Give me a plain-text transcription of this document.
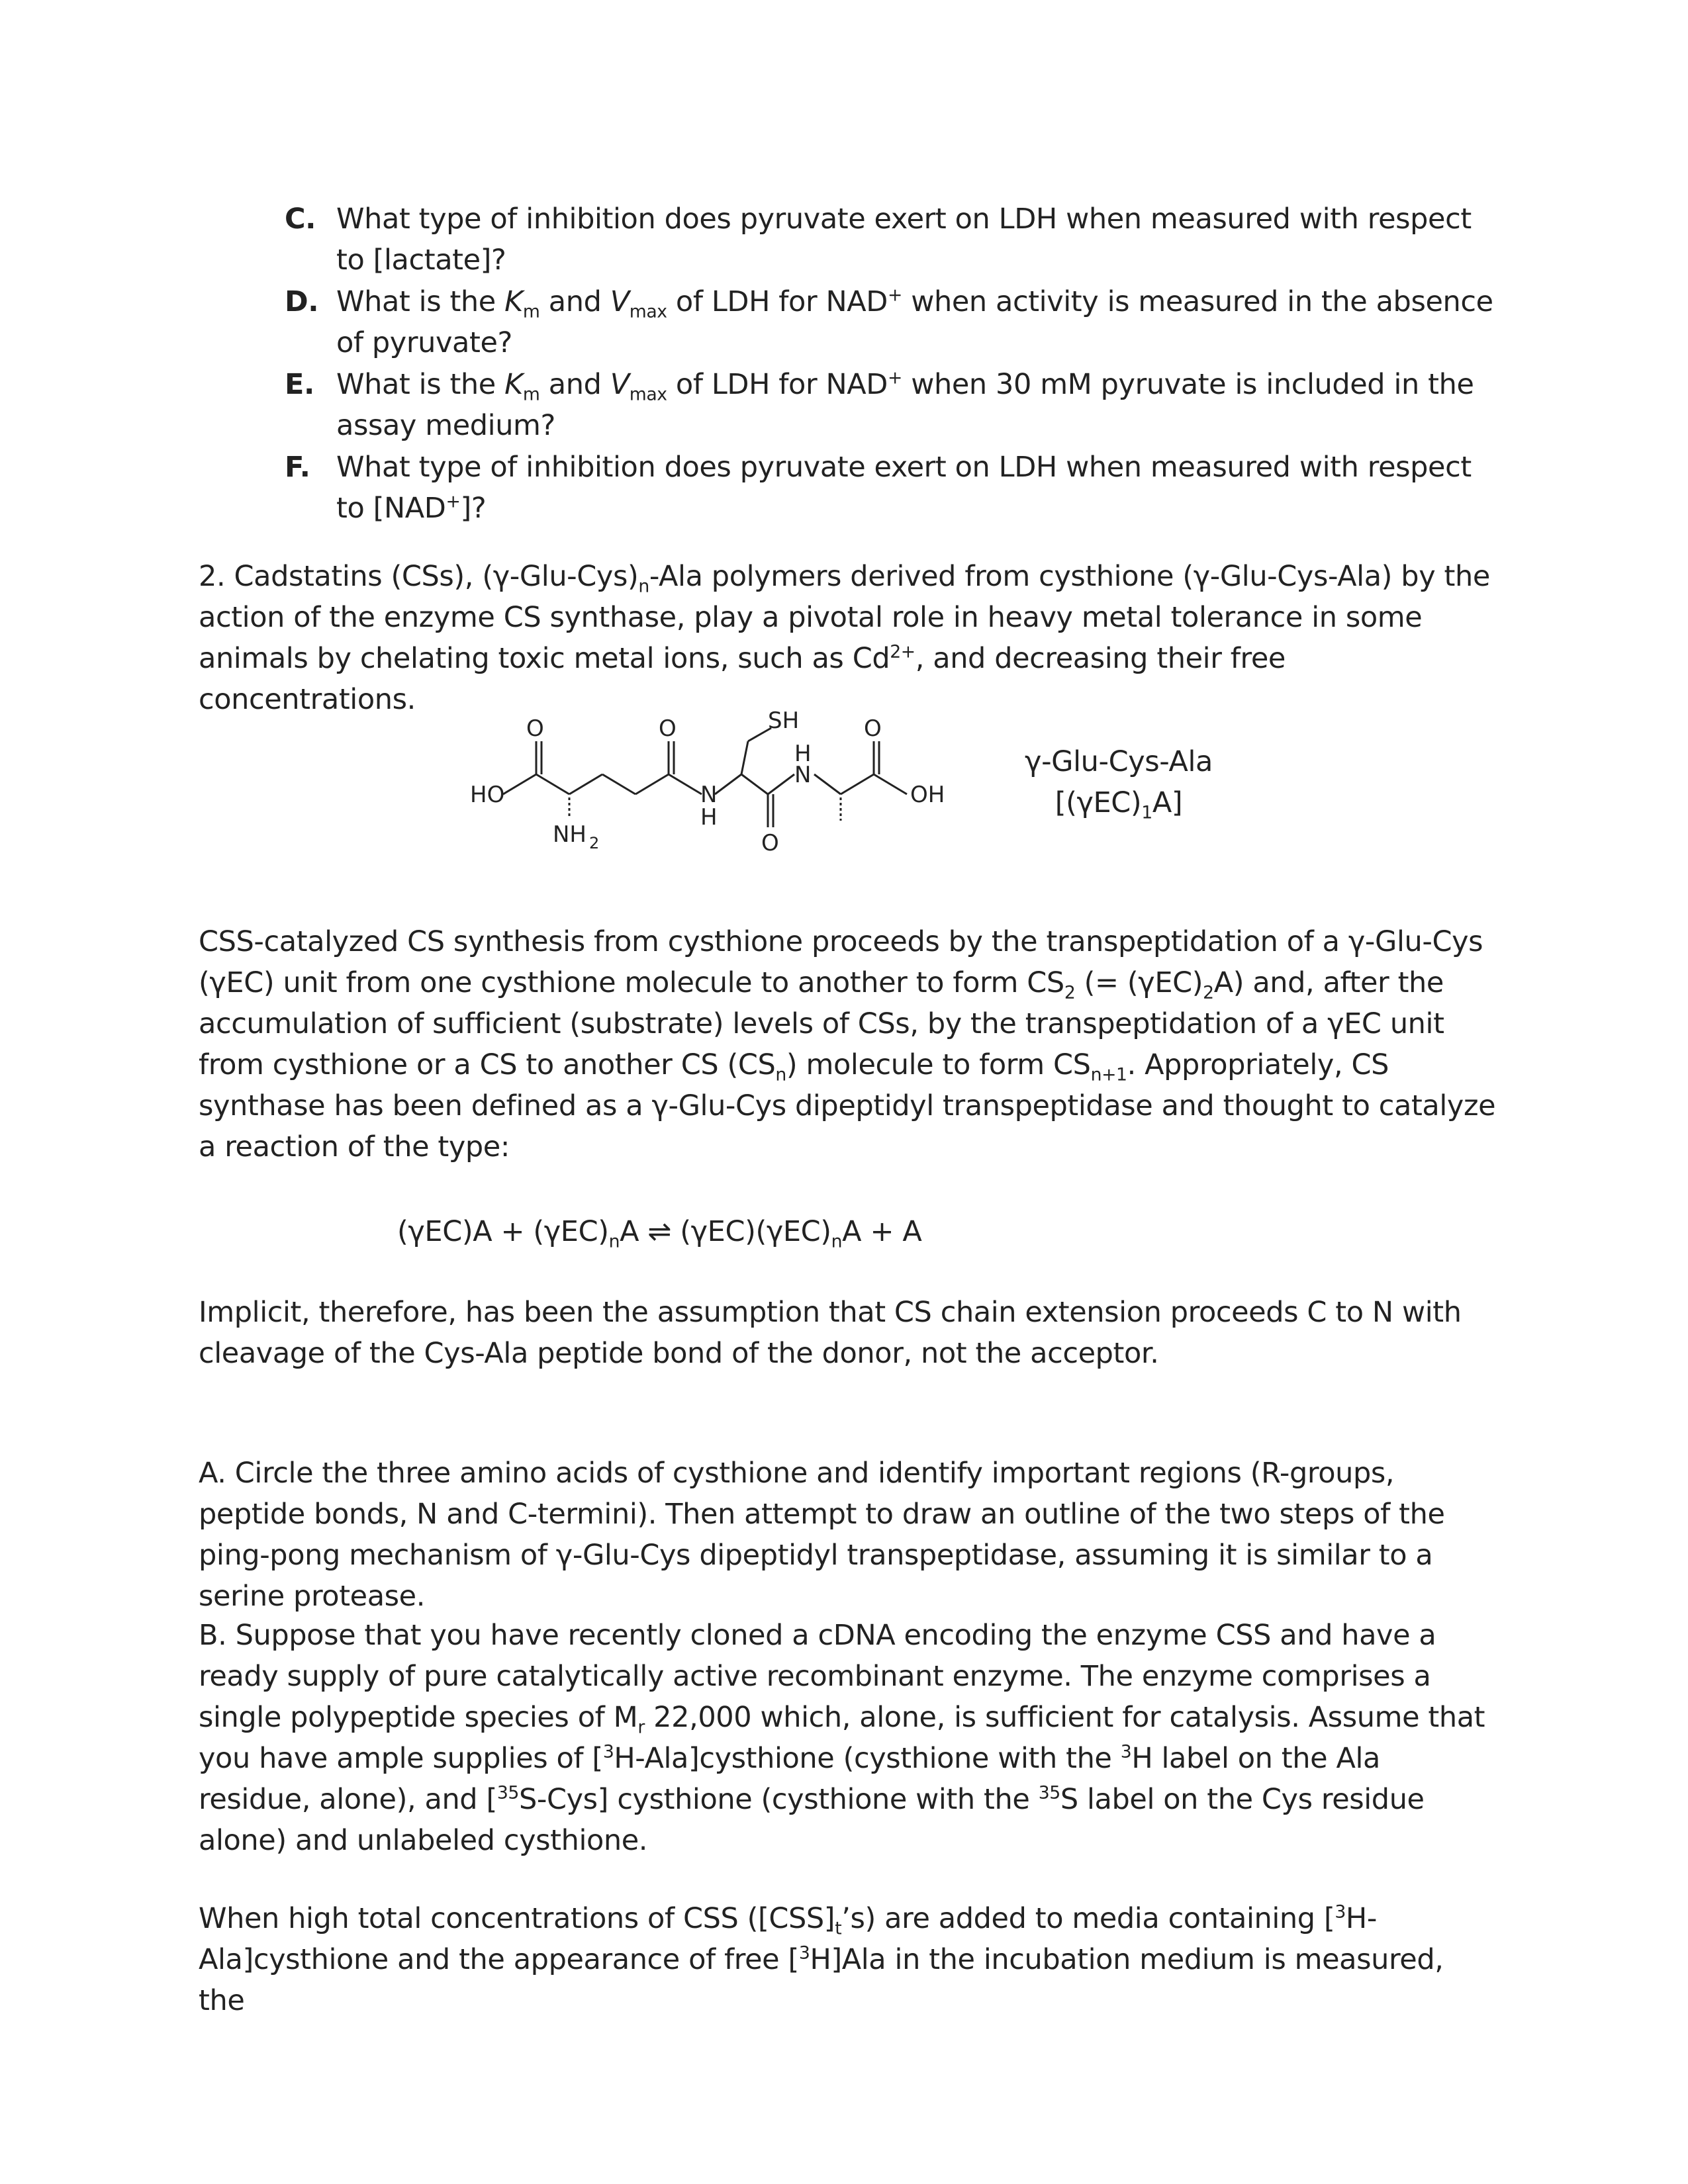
C. What type of inhibition does pyruvate exert on LDH when measured with respect to [lactate]?
D. What is the $K_m$ and $V_{max}$ of LDH for NAD+ when activity is measured in the absence of pyruvate?
E. What is the $K_m$ and $V_{max}$ of LDH for NAD+ when 30 mM pyruvate is included in the assay medium?
F. What type of inhibition does pyruvate exert on LDH when measured with respect to [NAD+]?
2. Cadstatins (CSs), $(\gamma-Glu-Cys)_n$-Ala polymers derived from cysthione (γ-Glu-Cys-Ala) by the action of the enzyme CS synthase, play a pivotal role in heavy metal tolerance in some animals by chelating toxic metal ions, such as $Cd^{2+}$, and decreasing their free concentrations.
HO
O	O	O
O
NH 2
N
H
N
H
SH
OH
γ-Glu-Cys-Ala
$[(\gamma EC)_1A]$
CSS-catalyzed CS synthesis from cysthione proceeds by the transpeptidation of a γ-Glu-Cys (γEC) unit from one cysthione molecule to another to form $CS_2$ (= $(\gamma EC)_2A$) and, after the accumulation of sufficient (substrate) levels of CSs, by the transpeptidation of a γEC unit from cysthione or a CS to another CS $(CS_n)$ molecule to form $CS_{n+1}$. Appropriately, CS synthase has been defined as a γ-Glu-Cys dipeptidyl transpeptidase and thought to catalyze a reaction of the type:
$(\gamma EC)A + (\gamma EC)_nA$ ⇌ $(\gamma EC)(\gamma EC)_nA + A$
Implicit, therefore, has been the assumption that CS chain extension proceeds C to N with cleavage of the Cys-Ala peptide bond of the donor, not the acceptor.
A. Circle the three amino acids of cysthione and identify important regions (R-groups, peptide bonds, N and C-termini). Then attempt to draw an outline of the two steps of the ping-pong mechanism of γ-Glu-Cys dipeptidyl transpeptidase, assuming it is similar to a serine protease.
B. Suppose that you have recently cloned a cDNA encoding the enzyme CSS and have a ready supply of pure catalytically active recombinant enzyme. The enzyme comprises a single polypeptide species of $M_r$ 22,000 which, alone, is sufficient for catalysis. Assume that you have ample supplies of [$^3$H-Ala]cysthione (cysthione with the $^3$H label on the Ala residue, alone), and [$^{35}$S-Cys] cysthione (cysthione with the $^{35}$S label on the Cys residue alone) and unlabeled cysthione.
When high total concentrations of CSS $([CSS]_t’s)$ are added to media containing [$^3$H-Ala]cysthione and the appearance of free [$^3$H]Ala in the incubation medium is measured, the
